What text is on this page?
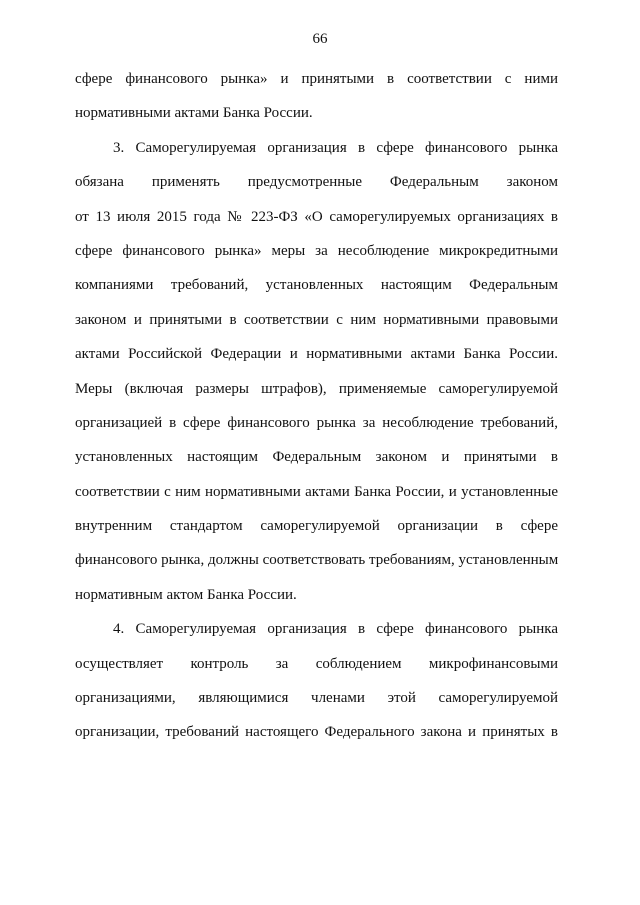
66
сфере финансового рынка» и принятыми в соответствии с ними
нормативными актами Банка России.
3. Саморегулируемая организация в сфере финансового рынка
обязана применять предусмотренные Федеральным законом
от 13 июля 2015 года № 223-ФЗ «О саморегулируемых организациях в
сфере финансового рынка» меры за несоблюдение микрокредитными
компаниями требований, установленных настоящим Федеральным
законом и принятыми в соответствии с ним нормативными правовыми
актами Российской Федерации и нормативными актами Банка России.
Меры (включая размеры штрафов), применяемые саморегулируемой
организацией в сфере финансового рынка за несоблюдение требований,
установленных настоящим Федеральным законом и принятыми в
соответствии с ним нормативными актами Банка России, и установленные
внутренним стандартом саморегулируемой организации в сфере
финансового рынка, должны соответствовать требованиям, установленным
нормативным актом Банка России.
4. Саморегулируемая организация в сфере финансового рынка
осуществляет контроль за соблюдением микрофинансовыми
организациями, являющимися членами этой саморегулируемой
организации, требований настоящего Федерального закона и принятых в
